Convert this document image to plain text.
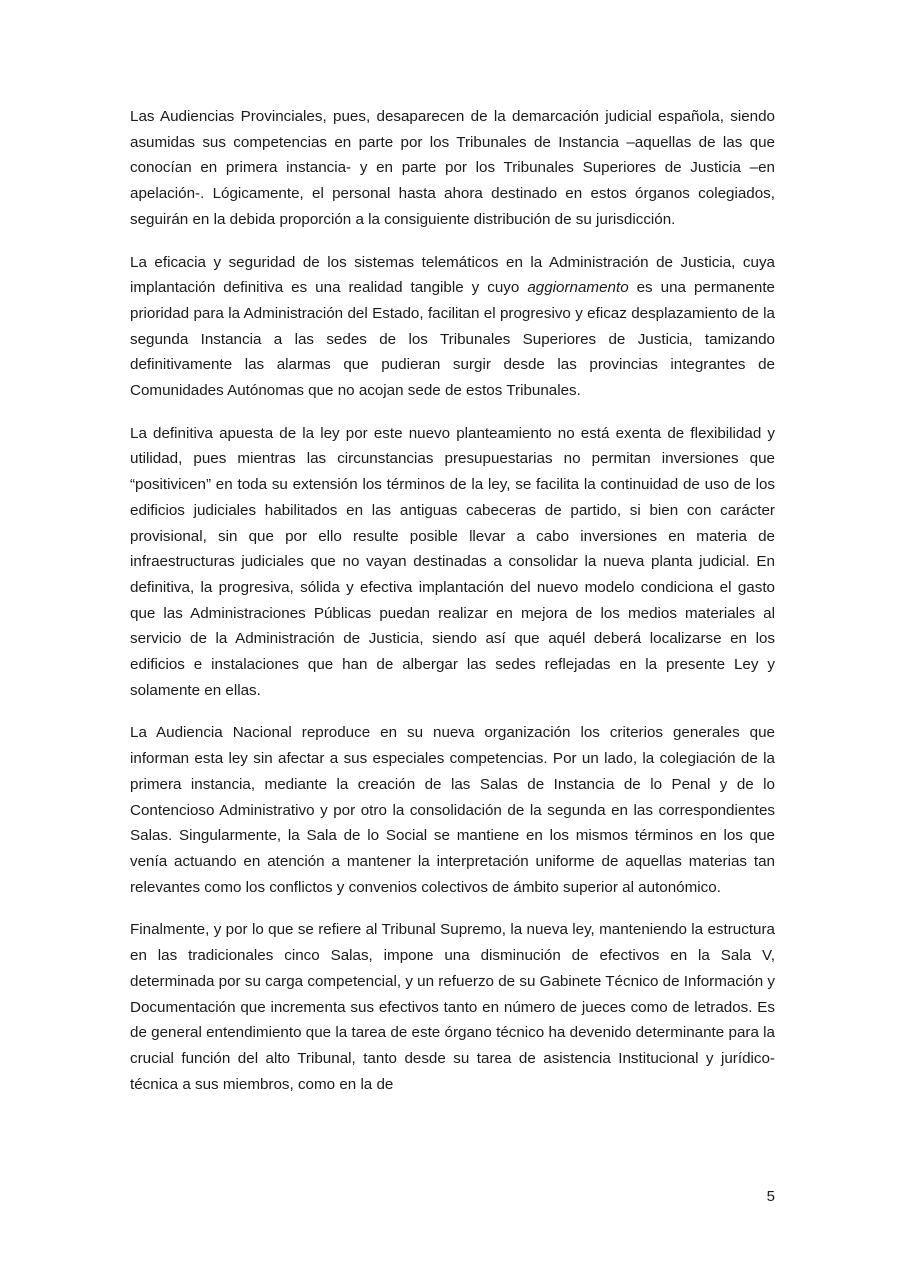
Las Audiencias Provinciales, pues, desaparecen de la demarcación judicial española, siendo asumidas sus competencias en parte por los Tribunales de Instancia –aquellas de las que conocían en primera instancia- y en parte por los Tribunales Superiores de Justicia –en apelación-. Lógicamente, el personal hasta ahora destinado en estos órganos colegiados, seguirán en la debida proporción a la consiguiente distribución de su jurisdicción.

La eficacia y seguridad de los sistemas telemáticos en la Administración de Justicia, cuya implantación definitiva es una realidad tangible y cuyo aggiornamento es una permanente prioridad para la Administración del Estado, facilitan el progresivo y eficaz desplazamiento de la segunda Instancia a las sedes de los Tribunales Superiores de Justicia, tamizando definitivamente las alarmas que pudieran surgir desde las provincias integrantes de Comunidades Autónomas que no acojan sede de estos Tribunales.

La definitiva apuesta de la ley por este nuevo planteamiento no está exenta de flexibilidad y utilidad, pues mientras las circunstancias presupuestarias no permitan inversiones que “positivicen” en toda su extensión los términos de la ley, se facilita la continuidad de uso de los edificios judiciales habilitados en las antiguas cabeceras de partido, si bien con carácter provisional, sin que por ello resulte posible llevar a cabo inversiones en materia de infraestructuras judiciales que no vayan destinadas a consolidar la nueva planta judicial. En definitiva, la progresiva, sólida y efectiva implantación del nuevo modelo condiciona el gasto que las Administraciones Públicas puedan realizar en mejora de los medios materiales al servicio de la Administración de Justicia, siendo así que aquél deberá localizarse en los edificios e instalaciones que han de albergar las sedes reflejadas en la presente Ley y solamente en ellas.

La Audiencia Nacional reproduce en su nueva organización los criterios generales que informan esta ley sin afectar a sus especiales competencias. Por un lado, la colegiación de la primera instancia, mediante la creación de las Salas de Instancia de lo Penal y de lo Contencioso Administrativo y por otro la consolidación de la segunda en las correspondientes Salas. Singularmente, la Sala de lo Social se mantiene en los mismos términos en los que venía actuando en atención a mantener la interpretación uniforme de aquellas materias tan relevantes como los conflictos y convenios colectivos de ámbito superior al autonómico.

Finalmente, y por lo que se refiere al Tribunal Supremo, la nueva ley, manteniendo la estructura en las tradicionales cinco Salas, impone una disminución de efectivos en la Sala V, determinada por su carga competencial, y un refuerzo de su Gabinete Técnico de Información y Documentación que incrementa sus efectivos tanto en número de jueces como de letrados. Es de general entendimiento que la tarea de este órgano técnico ha devenido determinante para la crucial función del alto Tribunal, tanto desde su tarea de asistencia Institucional y jurídico-técnica a sus miembros, como en la de

5
